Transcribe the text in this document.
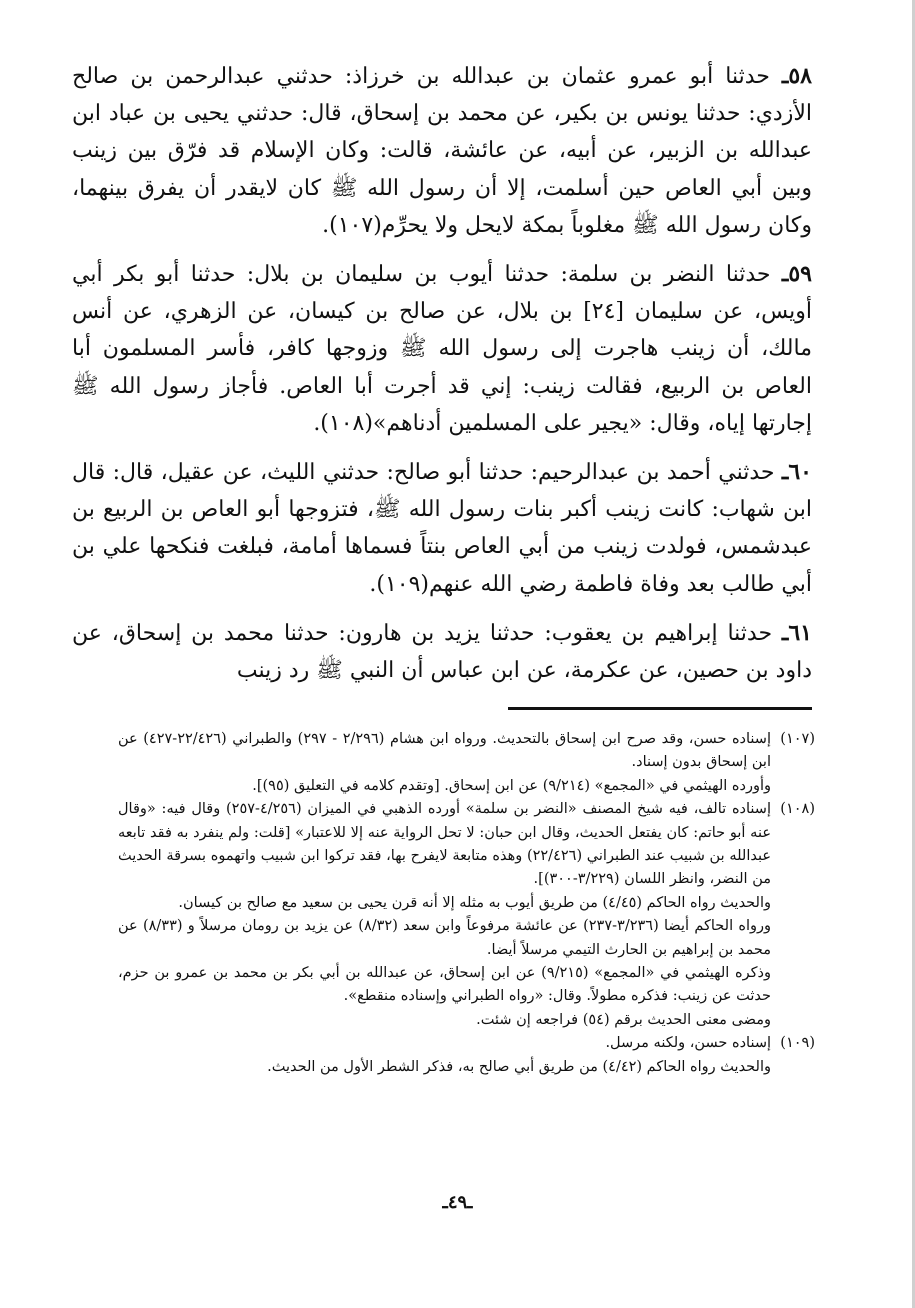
٥٨ـ حدثنا أبو عمرو عثمان بن عبدالله بن خرزاذ: حدثني عبدالرحمن بن صالح الأزدي: حدثنا يونس بن بكير، عن محمد بن إسحاق، قال: حدثني يحيى بن عباد ابن عبدالله بن الزبير، عن أبيه، عن عائشة، قالت: وكان الإسلام قد فرّق بين زينب وبين أبي العاص حين أسلمت، إلا أن رسول الله ﷺ كان لايقدر أن يفرق بينهما، وكان رسول الله ﷺ مغلوباً بمكة لايحل ولا يحرِّم(١٠٧).

٥٩ـ حدثنا النضر بن سلمة: حدثنا أيوب بن سليمان بن بلال: حدثنا أبو بكر أبي أويس، عن سليمان [٢٤] بن بلال، عن صالح بن كيسان، عن الزهري، عن أنس مالك، أن زينب هاجرت إلى رسول الله ﷺ وزوجها كافر، فأسر المسلمون أبا العاص بن الربيع، فقالت زينب: إني قد أجرت أبا العاص. فأجاز رسول الله ﷺ إجارتها إياه، وقال: «يجير على المسلمين أدناهم»(١٠٨).

٦٠ـ حدثني أحمد بن عبدالرحيم: حدثنا أبو صالح: حدثني الليث، عن عقيل، قال: قال ابن شهاب: كانت زينب أكبر بنات رسول الله ﷺ، فتزوجها أبو العاص بن الربيع بن عبدشمس، فولدت زينب من أبي العاص بنتاً فسماها أمامة، فبلغت فنكحها علي بن أبي طالب بعد وفاة فاطمة رضي الله عنهم(١٠٩).

٦١ـ حدثنا إبراهيم بن يعقوب: حدثنا يزيد بن هارون: حدثنا محمد بن إسحاق، عن داود بن حصين، عن عكرمة، عن ابن عباس أن النبي ﷺ رد زينب

(١٠٧)

إسناده حسن، وقد صرح ابن إسحاق بالتحديث. ورواه ابن هشام (٢/٢٩٦ - ٢٩٧) والطبراني (٢٢/٤٢٦-٤٢٧) عن ابن إسحاق بدون إسناد.

وأورده الهيثمي في «المجمع» (٩/٢١٤) عن ابن إسحاق. [وتقدم كلامه في التعليق (٩٥)].

(١٠٨)

إسناده تالف، فيه شيخ المصنف «النضر بن سلمة» أورده الذهبي في الميزان (٤/٢٥٦-٢٥٧) وقال فيه: «وقال عنه أبو حاتم: كان يفتعل الحديث، وقال ابن حبان: لا تحل الرواية عنه إلا للاعتبار» [قلت: ولم ينفرد به فقد تابعه عبدالله بن شبيب عند الطبراني (٢٢/٤٢٦) وهذه متابعة لايفرح بها، فقد تركوا ابن شبيب واتهموه بسرقة الحديث من النضر، وانظر اللسان (٣/٢٢٩-٣٠٠)].

والحديث رواه الحاكم (٤/٤٥) من طريق أيوب به مثله إلا أنه قرن يحيى بن سعيد مع صالح بن كيسان.

ورواه الحاكم أيضا (٣/٢٣٦-٢٣٧) عن عائشة مرفوعاً وابن سعد (٨/٣٢) عن يزيد بن رومان مرسلاً و (٨/٣٣) عن محمد بن إبراهيم بن الحارث التيمي مرسلاً أيضا.

وذكره الهيثمي في «المجمع» (٩/٢١٥) عن ابن إسحاق، عن عبدالله بن أبي بكر بن محمد بن عمرو بن حزم، حدثت عن زينب: فذكره مطولاً. وقال: «رواه الطبراني وإسناده منقطع».

ومضى معنى الحديث برقم (٥٤) فراجعه إن شئت.

(١٠٩)

إسناده حسن، ولكنه مرسل.

والحديث رواه الحاكم (٤/٤٢) من طريق أبي صالح به، فذكر الشطر الأول من الحديث.

ـ٤٩ـ
